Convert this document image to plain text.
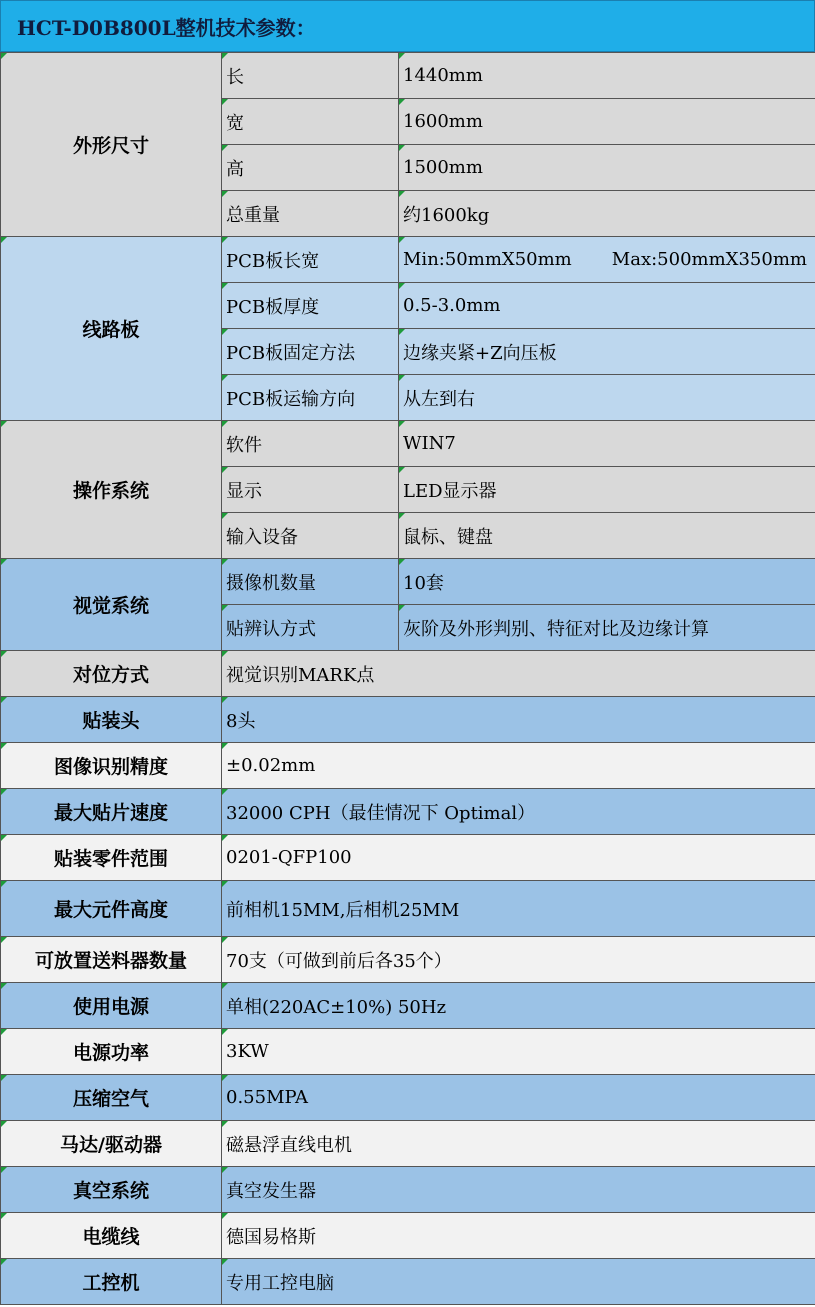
HCT-D0B800L整机技术参数：
外形尺寸	长	1440mm
	宽	1600mm
	高	1500mm
	总重量	约1600kg
线路板	PCB板长宽	Min:50mmX50mm       Max:500mmX350mm
	PCB板厚度	0.5-3.0mm
	PCB板固定方法	边缘夹紧+Z向压板
	PCB板运输方向	从左到右
操作系统	软件	WIN7
	显示	LED显示器
	输入设备	鼠标、键盘
视觉系统	摄像机数量	10套
	贴辨认方式	灰阶及外形判别、特征对比及边缘计算
对位方式	视觉识别MARK点	
贴装头	8头	
图像识别精度	±0.02mm	
最大贴片速度	32000 CPH（最佳情况下 Optimal）	
贴装零件范围	0201-QFP100	
最大元件高度	前相机15MM,后相机25MM	
可放置送料器数量	70支（可做到前后各35个）	
使用电源	单相(220AC±10%) 50Hz	
电源功率	3KW	
压缩空气	0.55MPA	
马达/驱动器	磁悬浮直线电机	
真空系统	真空发生器	
电缆线	德国易格斯	
工控机	专用工控电脑	
